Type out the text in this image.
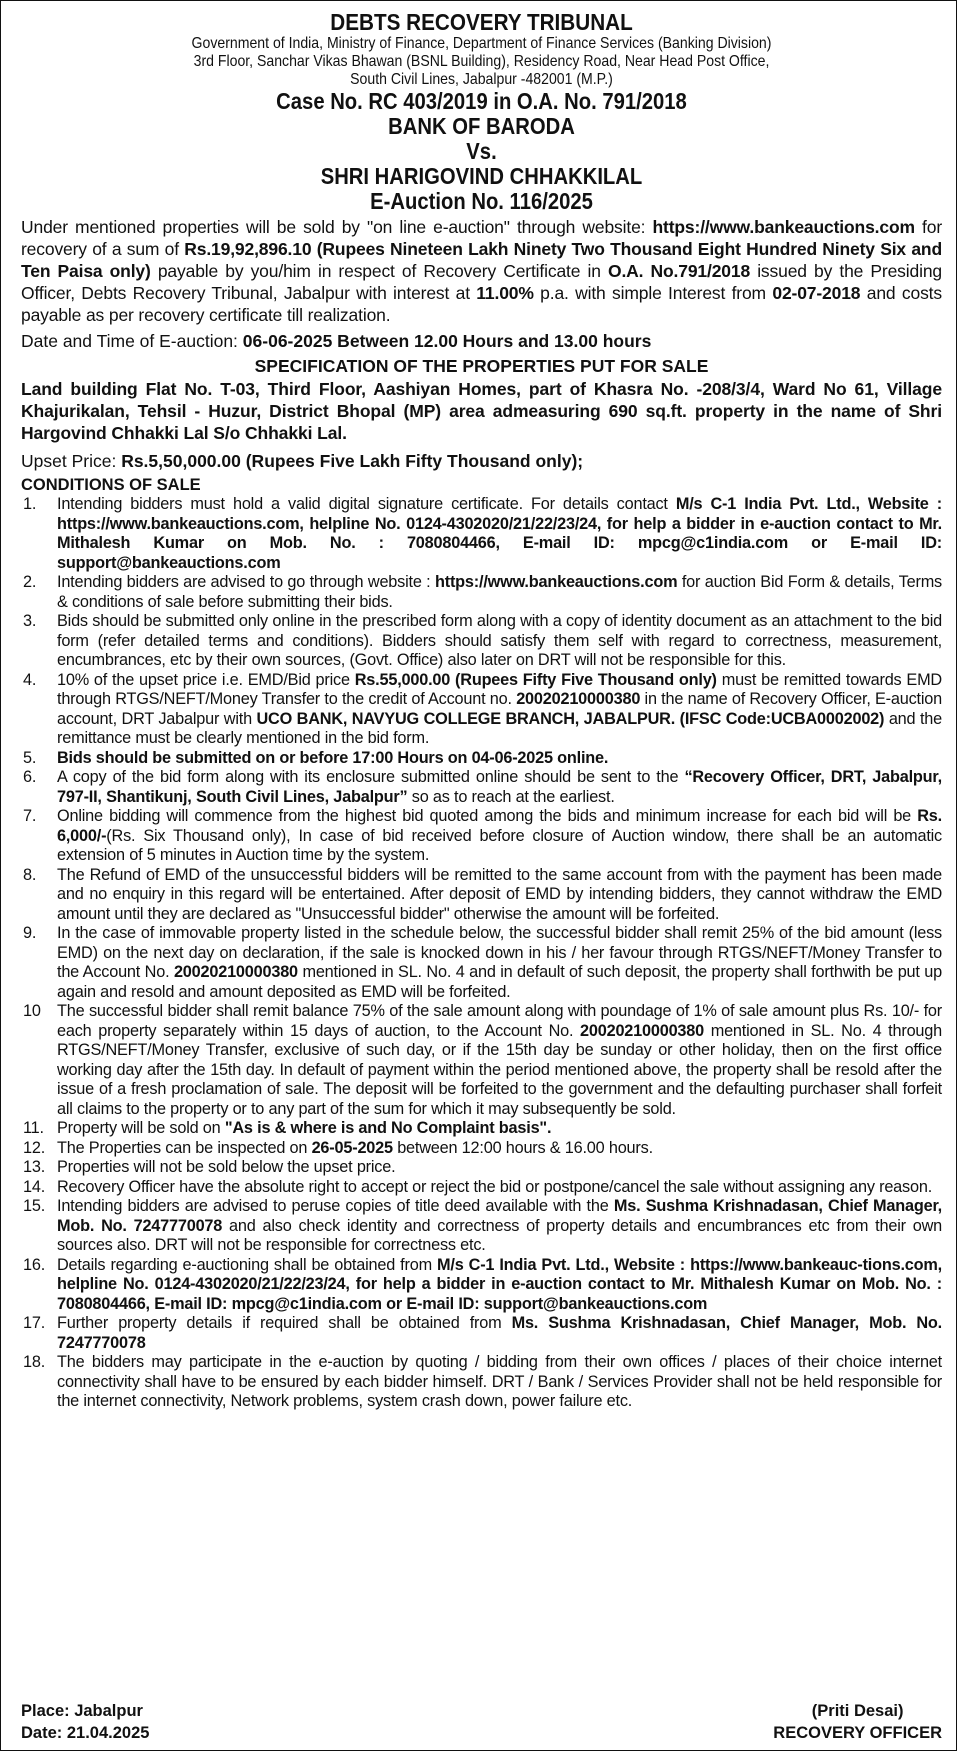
DEBTS RECOVERY TRIBUNAL
Government of India, Ministry of Finance, Department of Finance Services (Banking Division)
3rd Floor, Sanchar Vikas Bhawan (BSNL Building), Residency Road, Near Head Post Office,
South Civil Lines, Jabalpur -482001 (M.P.)
Case No. RC 403/2019 in O.A. No. 791/2018
BANK OF BARODA
Vs.
SHRI HARIGOVIND CHHAKKILAL
E-Auction No. 116/2025

Under mentioned properties will be sold by "on line e-auction" through website: https://www.bankeauctions.com for recovery of a sum of Rs.19,92,896.10 (Rupees Nineteen Lakh Ninety Two Thousand Eight Hundred Ninety Six and Ten Paisa only) payable by you/him in respect of Recovery Certificate in O.A. No.791/2018 issued by the Presiding Officer, Debts Recovery Tribunal, Jabalpur with interest at 11.00% p.a. with simple Interest from 02-07-2018 and costs payable as per recovery certificate till realization.

Date and Time of E-auction: 06-06-2025 Between 12.00 Hours and 13.00 hours
SPECIFICATION OF THE PROPERTIES PUT FOR SALE
Land building Flat No. T-03, Third Floor, Aashiyan Homes, part of Khasra No. -208/3/4, Ward No 61, Village Khajurikalan, Tehsil - Huzur, District Bhopal (MP) area admeasuring 690 sq.ft. property in the name of Shri Hargovind Chhakki Lal S/o Chhakki Lal.
Upset Price: Rs.5,50,000.00 (Rupees Five Lakh Fifty Thousand only);
CONDITIONS OF SALE
1. Intending bidders must hold a valid digital signature certificate. For details contact M/s C-1 India Pvt. Ltd., Website : https://www.bankeauctions.com, helpline No. 0124-4302020/21/22/23/24, for help a bidder in e-auction contact to Mr. Mithalesh Kumar on Mob. No. : 7080804466, E-mail ID: mpcg@c1india.com or E-mail ID: support@bankeauctions.com
2. Intending bidders are advised to go through website : https://www.bankeauctions.com for auction Bid Form & details, Terms & conditions of sale before submitting their bids.
3. Bids should be submitted only online in the prescribed form along with a copy of identity document as an attachment to the bid form (refer detailed terms and conditions). Bidders should satisfy them self with regard to correctness, measurement, encumbrances, etc by their own sources, (Govt. Office) also later on DRT will not be responsible for this.
4. 10% of the upset price i.e. EMD/Bid price Rs.55,000.00 (Rupees Fifty Five Thousand only) must be remitted towards EMD through RTGS/NEFT/Money Transfer to the credit of Account no. 20020210000380 in the name of Recovery Officer, E-auction account, DRT Jabalpur with UCO BANK, NAVYUG COLLEGE BRANCH, JABALPUR. (IFSC Code:UCBA0002002) and the remittance must be clearly mentioned in the bid form.
5. Bids should be submitted on or before 17:00 Hours on 04-06-2025 online.
6. A copy of the bid form along with its enclosure submitted online should be sent to the “Recovery Officer, DRT, Jabalpur, 797-II, Shantikunj, South Civil Lines, Jabalpur” so as to reach at the earliest.
7. Online bidding will commence from the highest bid quoted among the bids and minimum increase for each bid will be Rs. 6,000/-(Rs. Six Thousand only), In case of bid received before closure of Auction window, there shall be an automatic extension of 5 minutes in Auction time by the system.
8. The Refund of EMD of the unsuccessful bidders will be remitted to the same account from with the payment has been made and no enquiry in this regard will be entertained. After deposit of EMD by intending bidders, they cannot withdraw the EMD amount until they are declared as "Unsuccessful bidder" otherwise the amount will be forfeited.
9. In the case of immovable property listed in the schedule below, the successful bidder shall remit 25% of the bid amount (less EMD) on the next day on declaration, if the sale is knocked down in his / her favour through RTGS/NEFT/Money Transfer to the Account No. 20020210000380 mentioned in SL. No. 4 and in default of such deposit, the property shall forthwith be put up again and resold and amount deposited as EMD will be forfeited.
10 The successful bidder shall remit balance 75% of the sale amount along with poundage of 1% of sale amount plus Rs. 10/- for each property separately within 15 days of auction, to the Account No. 20020210000380 mentioned in SL. No. 4 through RTGS/NEFT/Money Transfer, exclusive of such day, or if the 15th day be sunday or other holiday, then on the first office working day after the 15th day. In default of payment within the period mentioned above, the property shall be resold after the issue of a fresh proclamation of sale. The deposit will be forfeited to the government and the defaulting purchaser shall forfeit all claims to the property or to any part of the sum for which it may subsequently be sold.
11. Property will be sold on "As is & where is and No Complaint basis".
12. The Properties can be inspected on 26-05-2025 between 12:00 hours & 16.00 hours.
13. Properties will not be sold below the upset price.
14. Recovery Officer have the absolute right to accept or reject the bid or postpone/cancel the sale without assigning any reason.
15. Intending bidders are advised to peruse copies of title deed available with the Ms. Sushma Krishnadasan, Chief Manager, Mob. No. 7247770078 and also check identity and correctness of property details and encumbrances etc from their own sources also. DRT will not be responsible for correctness etc.
16. Details regarding e-auctioning shall be obtained from M/s C-1 India Pvt. Ltd., Website : https://www.bankeauc-tions.com, helpline No. 0124-4302020/21/22/23/24, for help a bidder in e-auction contact to Mr. Mithalesh Kumar on Mob. No. : 7080804466, E-mail ID: mpcg@c1india.com or E-mail ID: support@bankeauctions.com
17. Further property details if required shall be obtained from Ms. Sushma Krishnadasan, Chief Manager, Mob. No. 7247770078
18. The bidders may participate in the e-auction by quoting / bidding from their own offices / places of their choice internet connectivity shall have to be ensured by each bidder himself. DRT / Bank / Services Provider shall not be held responsible for the internet connectivity, Network problems, system crash down, power failure etc.
Place: Jabalpur
Date: 21.04.2025
(Priti Desai)
RECOVERY OFFICER
